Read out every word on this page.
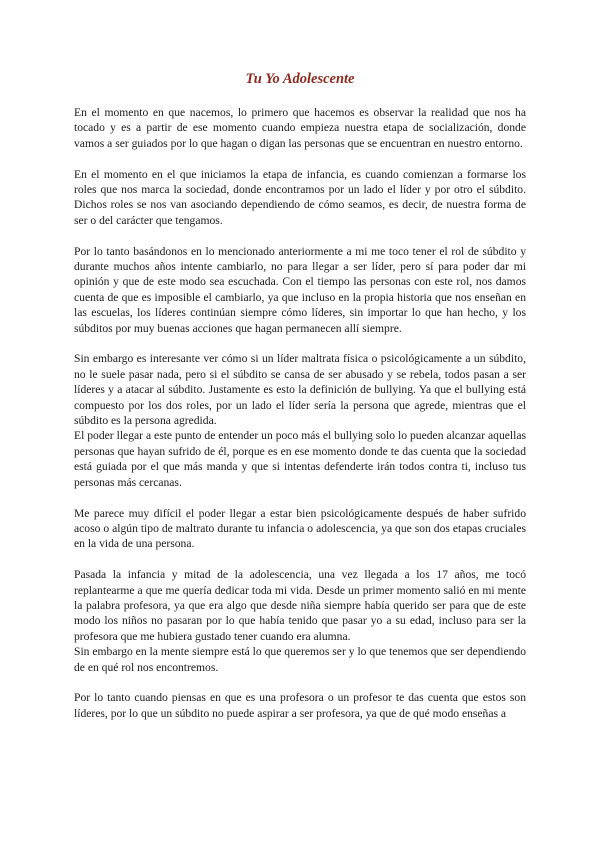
Tu Yo Adolescente

En el momento en que nacemos, lo primero que hacemos es observar la realidad que nos ha tocado y es a partir de ese momento cuando empieza nuestra etapa de socialización, donde vamos a ser guiados por lo que hagan o digan las personas que se encuentran en nuestro entorno.

En el momento en el que iniciamos la etapa de infancia, es cuando comienzan a formarse los roles que nos marca la sociedad, donde encontramos por un lado el líder y por otro el súbdito. Dichos roles se nos van asociando dependiendo de cómo seamos, es decir, de nuestra forma de ser o del carácter que tengamos.

Por lo tanto basándonos en lo mencionado anteriormente a mi me toco tener el rol de súbdito y durante muchos años intente cambiarlo, no para llegar a ser líder, pero sí para poder dar mi opinión y que de este modo sea escuchada. Con el tiempo las personas con este rol, nos damos cuenta de que es imposible el cambiarlo, ya que incluso en la propia historia que nos enseñan en las escuelas, los líderes continúan siempre cómo líderes, sin importar lo que han hecho, y los súbditos por muy buenas acciones que hagan permanecen allí siempre.

Sin embargo es interesante ver cómo si un líder maltrata física o psicológicamente a un súbdito, no le suele pasar nada, pero si el súbdito se cansa de ser abusado y se rebela, todos pasan a ser líderes y a atacar al súbdito. Justamente es esto la definición de bullying. Ya que el bullying está compuesto por los dos roles, por un lado el líder sería la persona que agrede, mientras que el súbdito es la persona agredida.

El poder llegar a este punto de entender un poco más el bullying solo lo pueden alcanzar aquellas personas que hayan sufrido de él, porque es en ese momento donde te das cuenta que la sociedad está guiada por el que más manda y que si intentas defenderte irán todos contra ti, incluso tus personas más cercanas.

Me parece muy difícil el poder llegar a estar bien psicológicamente después de haber sufrido acoso o algún tipo de maltrato durante tu infancia o adolescencia, ya que son dos etapas cruciales en la vida de una persona.

Pasada la infancia y mitad de la adolescencia, una vez llegada a los 17 años, me tocó replantearme a que me quería dedicar toda mi vida. Desde un primer momento salió en mi mente la palabra profesora, ya que era algo que desde niña siempre había querido ser para que de este modo los niños no pasaran por lo que había tenido que pasar yo a su edad, incluso para ser la profesora que me hubiera gustado tener cuando era alumna.

Sin embargo en la mente siempre está lo que queremos ser y lo que tenemos que ser dependiendo de en qué rol nos encontremos.

Por lo tanto cuando piensas en que es una profesora o un profesor te das cuenta que estos son líderes, por lo que un súbdito no puede aspirar a ser profesora, ya que de qué modo enseñas a
